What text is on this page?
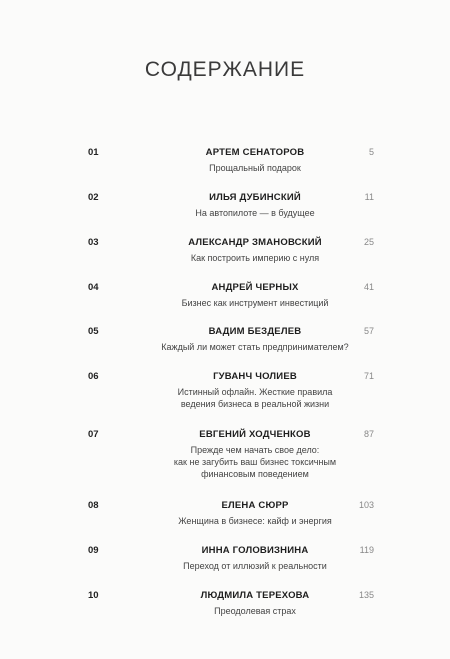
СОДЕРЖАНИЕ
01	АРТЕМ СЕНАТОРОВ	5
Прощальный подарок
02	ИЛЬЯ ДУБИНСКИЙ	11
На автопилоте — в будущее
03	АЛЕКСАНДР ЗМАНОВСКИЙ	25
Как построить империю с нуля
04	АНДРЕЙ ЧЕРНЫХ	41
Бизнес как инструмент инвестиций
05	ВАДИМ БЕЗДЕЛЕВ	57
Каждый ли может стать предпринимателем?
06	ГУВАНЧ ЧОЛИЕВ	71
Истинный офлайн. Жесткие правила
ведения бизнеса в реальной жизни
07	ЕВГЕНИЙ ХОДЧЕНКОВ	87
Прежде чем начать свое дело:
как не загубить ваш бизнес токсичным
финансовым поведением
08	ЕЛЕНА СЮРР	103
Женщина в бизнесе: кайф и энергия
09	ИННА ГОЛОВИЗНИНА	119
Переход от иллюзий к реальности
10	ЛЮДМИЛА ТЕРЕХОВА	135
Преодолевая страх
